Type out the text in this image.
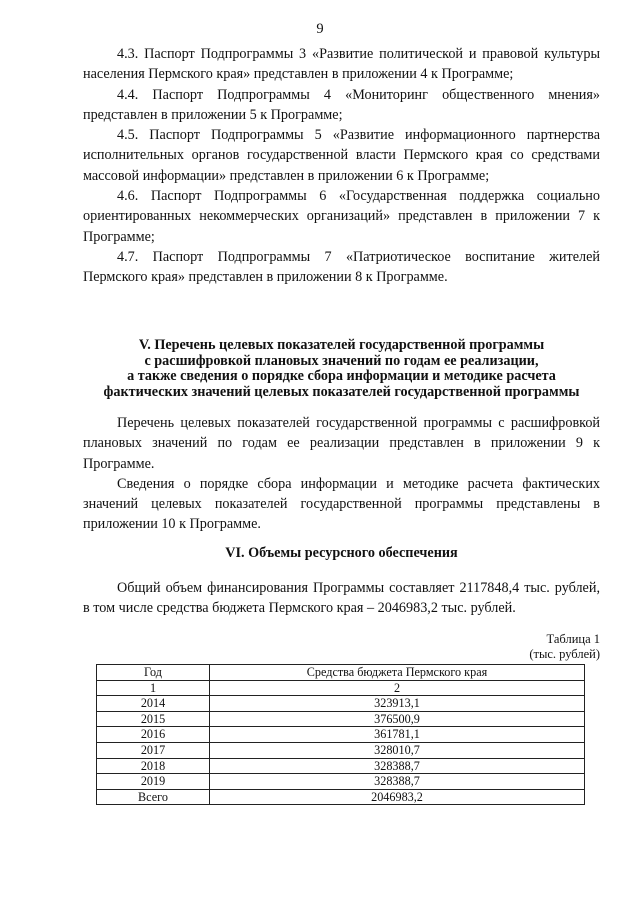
9

4.3. Паспорт Подпрограммы 3 «Развитие политической и правовой культуры населения Пермского края» представлен в приложении 4 к Программе;

4.4. Паспорт Подпрограммы 4 «Мониторинг общественного мнения» представлен в приложении 5 к Программе;

4.5. Паспорт Подпрограммы 5 «Развитие информационного партнерства исполнительных органов государственной власти Пермского края со средствами массовой информации» представлен в приложении 6 к Программе;

4.6. Паспорт Подпрограммы 6 «Государственная поддержка социально ориентированных некоммерческих организаций» представлен в приложении 7 к Программе;

4.7. Паспорт Подпрограммы 7 «Патриотическое воспитание жителей Пермского края» представлен в приложении 8 к Программе.

V. Перечень целевых показателей государственной программы
с расшифровкой плановых значений по годам ее реализации,
а также сведения о порядке сбора информации и методике расчета
фактических значений целевых показателей государственной программы

Перечень целевых показателей государственной программы с расшифровкой плановых значений по годам ее реализации представлен в приложении 9 к Программе.

Сведения о порядке сбора информации и методике расчета фактических значений целевых показателей государственной программы представлены в приложении 10 к Программе.

VI. Объемы ресурсного обеспечения

Общий объем финансирования Программы составляет 2117848,4 тыс. рублей, в том числе средства бюджета Пермского края – 2046983,2 тыс. рублей.

Таблица 1
(тыс. рублей)
Год	Средства бюджета Пермского края
1	2
2014	323913,1
2015	376500,9
2016	361781,1
2017	328010,7
2018	328388,7
2019	328388,7
Всего	2046983,2
